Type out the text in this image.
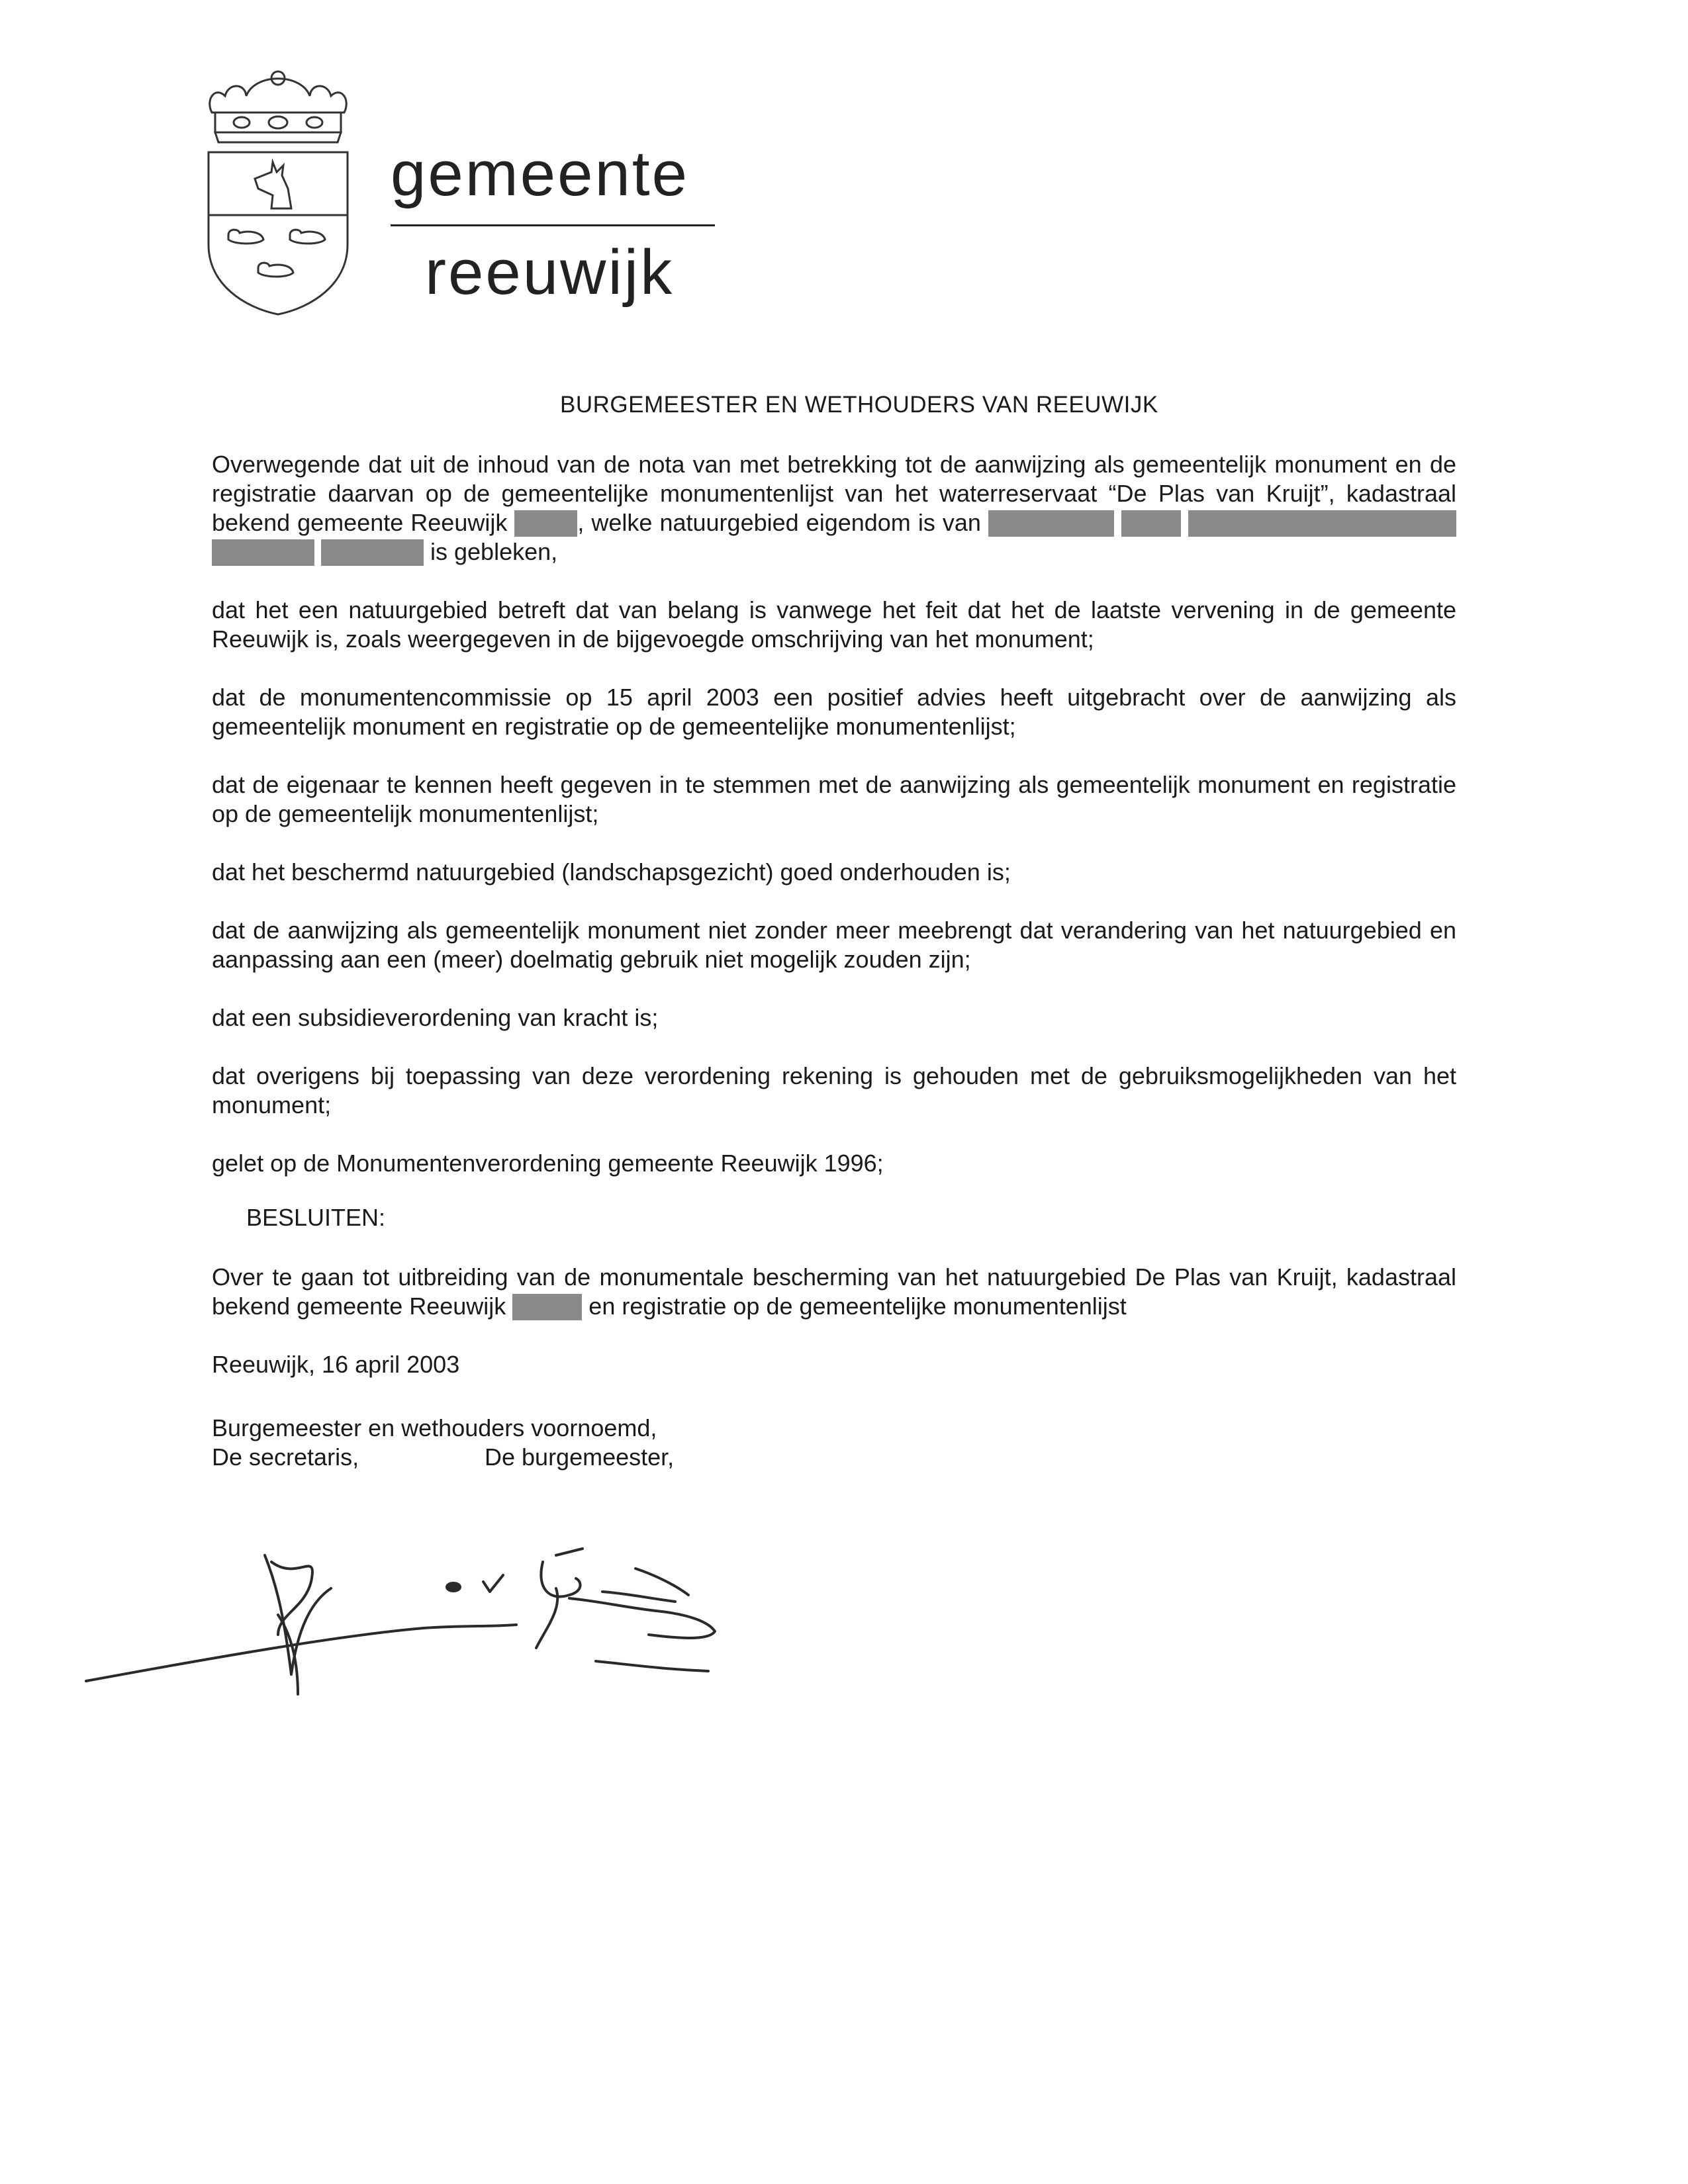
gemeente
reeuwijk
BURGEMEESTER EN WETHOUDERS VAN REEUWIJK

Overwegende dat uit de inhoud van de nota van met betrekking tot de aanwijzing als gemeentelijk monument en de registratie daarvan op de gemeentelijke monumentenlijst van het waterreservaat “De Plas van Kruijt”, kadastraal bekend gemeente Reeuwijk	, welke natuurgebied eigendom is van      is gebleken,

dat het een natuurgebied betreft dat van belang is vanwege het feit dat het de laatste vervening in de gemeente Reeuwijk is, zoals weergegeven in de bijgevoegde omschrijving van het monument;

dat de monumentencommissie op 15 april 2003 een positief advies heeft uitgebracht over de aanwijzing als gemeentelijk monument en registratie op de gemeentelijke monumentenlijst;

dat de eigenaar te kennen heeft gegeven in te stemmen met de aanwijzing als gemeentelijk monument en registratie op de gemeentelijk monumentenlijst;

dat het beschermd natuurgebied (landschapsgezicht) goed onderhouden is;

dat de aanwijzing als gemeentelijk monument niet zonder meer meebrengt dat verandering van het natuurgebied en aanpassing aan een (meer) doelmatig gebruik niet mogelijk zouden zijn;

dat een subsidieverordening van kracht is;

dat overigens bij toepassing van deze verordening rekening is gehouden met de gebruiksmogelijkheden van het monument;

gelet op de Monumentenverordening gemeente Reeuwijk 1996;

BESLUITEN:

Over te gaan tot uitbreiding van de monumentale bescherming van het natuurgebied De Plas van Kruijt, kadastraal bekend gemeente Reeuwijk	en registratie op de gemeentelijke monumentenlijst

Reeuwijk, 16 april 2003

Burgemeester en wethouders voornoemd,
De secretaris,	De burgemeester,
